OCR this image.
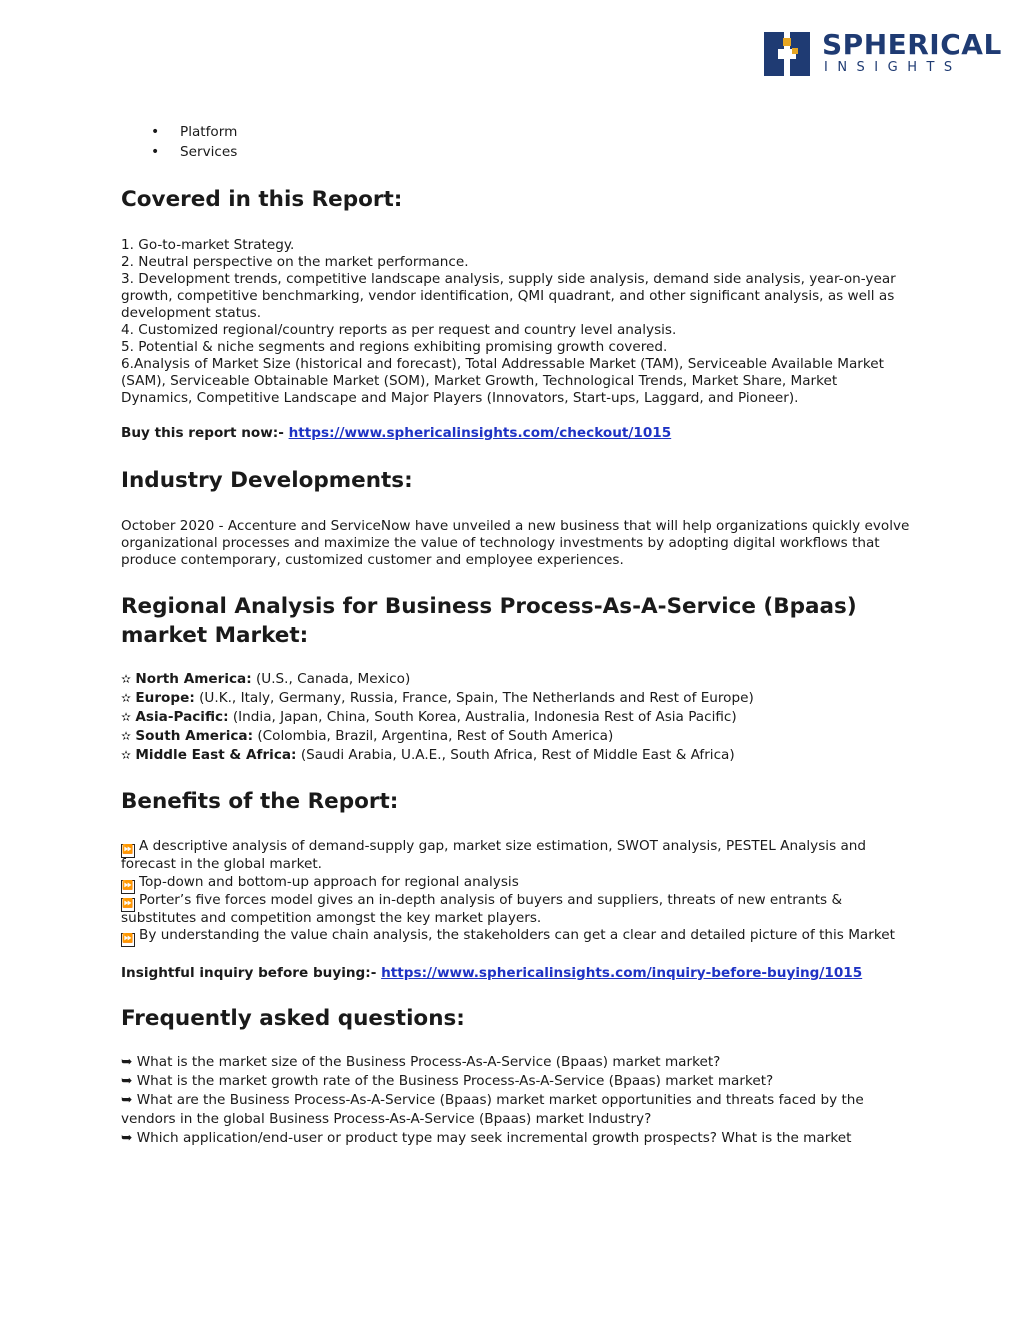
SPHERICAL
INSIGHTS
• Platform
• Services
Covered in this Report:

1. Go-to-market Strategy.

2. Neutral perspective on the market performance.

3. Development trends, competitive landscape analysis, supply side analysis, demand side analysis, year-on-year growth, competitive benchmarking, vendor identification, QMI quadrant, and other significant analysis, as well as development status.

4. Customized regional/country reports as per request and country level analysis.

5. Potential & niche segments and regions exhibiting promising growth covered.

6.Analysis of Market Size (historical and forecast), Total Addressable Market (TAM), Serviceable Available Market (SAM), Serviceable Obtainable Market (SOM), Market Growth, Technological Trends, Market Share, Market Dynamics, Competitive Landscape and Major Players (Innovators, Start-ups, Laggard, and Pioneer).

Buy this report now:- https://www.sphericalinsights.com/checkout/1015

Industry Developments:

October 2020 - Accenture and ServiceNow have unveiled a new business that will help organizations quickly evolve organizational processes and maximize the value of technology investments by adopting digital workflows that produce contemporary, customized customer and employee experiences.

Regional Analysis for Business Process-As-A-Service (Bpaas) market Market:
✫ North America: (U.S., Canada, Mexico)
✫ Europe: (U.K., Italy, Germany, Russia, France, Spain, The Netherlands and Rest of Europe)
✫ Asia-Pacific: (India, Japan, China, South Korea, Australia, Indonesia Rest of Asia Pacific)
✫ South America: (Colombia, Brazil, Argentina, Rest of South America)
✫ Middle East & Africa: (Saudi Arabia, U.A.E., South Africa, Rest of Middle East & Africa)
Benefits of the Report:

⏩ A descriptive analysis of demand-supply gap, market size estimation, SWOT analysis, PESTEL Analysis and forecast in the global market.

⏩ Top-down and bottom-up approach for regional analysis

⏩ Porter’s five forces model gives an in-depth analysis of buyers and suppliers, threats of new entrants & substitutes and competition amongst the key market players.

⏩ By understanding the value chain analysis, the stakeholders can get a clear and detailed picture of this Market

Insightful inquiry before buying:- https://www.sphericalinsights.com/inquiry-before-buying/1015

Frequently asked questions:

➥ What is the market size of the Business Process-As-A-Service (Bpaas) market market?

➥ What is the market growth rate of the Business Process-As-A-Service (Bpaas) market market?

➥ What are the Business Process-As-A-Service (Bpaas) market market opportunities and threats faced by the vendors in the global Business Process-As-A-Service (Bpaas) market Industry?

➥ Which application/end-user or product type may seek incremental growth prospects? What is the market
